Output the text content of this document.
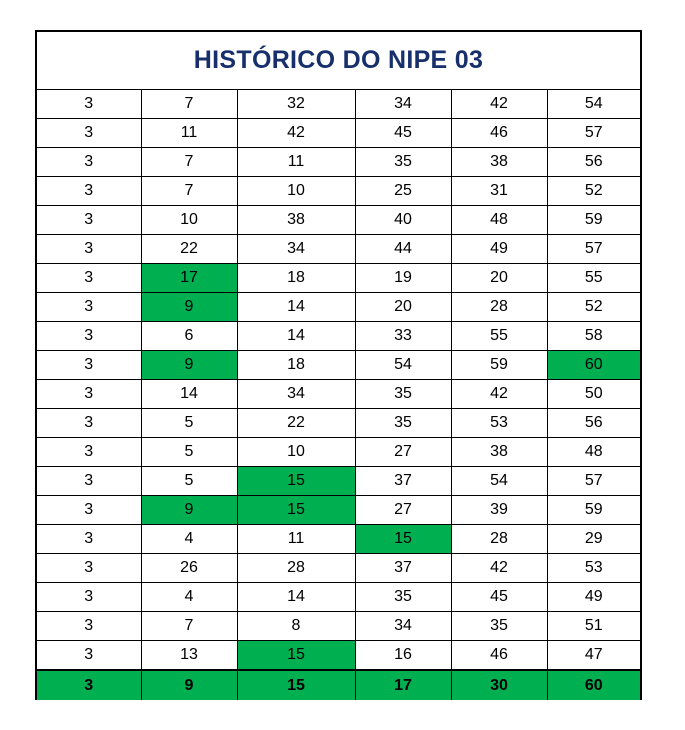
HISTÓRICO DO NIPE 03
3	7	32	34	42	54
3	11	42	45	46	57
3	7	11	35	38	56
3	7	10	25	31	52
3	10	38	40	48	59
3	22	34	44	49	57
3	17	18	19	20	55
3	9	14	20	28	52
3	6	14	33	55	58
3	9	18	54	59	60
3	14	34	35	42	50
3	5	22	35	53	56
3	5	10	27	38	48
3	5	15	37	54	57
3	9	15	27	39	59
3	4	11	15	28	29
3	26	28	37	42	53
3	4	14	35	45	49
3	7	8	34	35	51
3	13	15	16	46	47
3	9	15	17	30	60
